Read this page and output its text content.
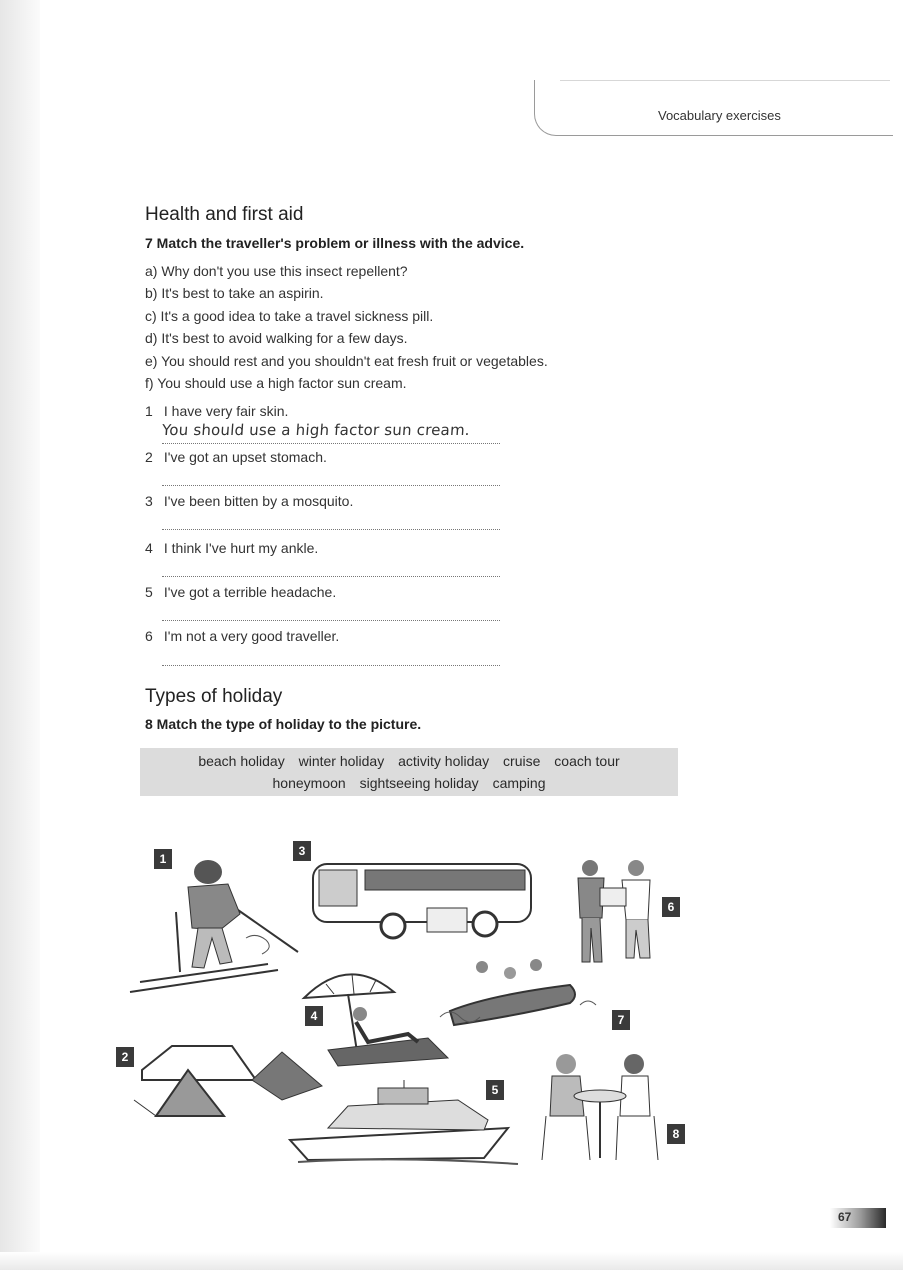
Vocabulary exercises
Health and first aid
7 Match the traveller's problem or illness with the advice.
a) Why don't you use this insect repellent?
b) It's best to take an aspirin.
c) It's a good idea to take a travel sickness pill.
d) It's best to avoid walking for a few days.
e) You should rest and you shouldn't eat fresh fruit or vegetables.
f) You should use a high factor sun cream.
1 I have very fair skin.
You should use a high factor sun cream.
2 I've got an upset stomach.
3 I've been bitten by a mosquito.
4 I think I've hurt my ankle.
5 I've got a terrible headache.
6 I'm not a very good traveller.
Types of holiday
8 Match the type of holiday to the picture.
beach holiday winter holiday activity holiday cruise coach tour
honeymoon sightseeing holiday camping
1
2
3
4
5
6
7
8
67
